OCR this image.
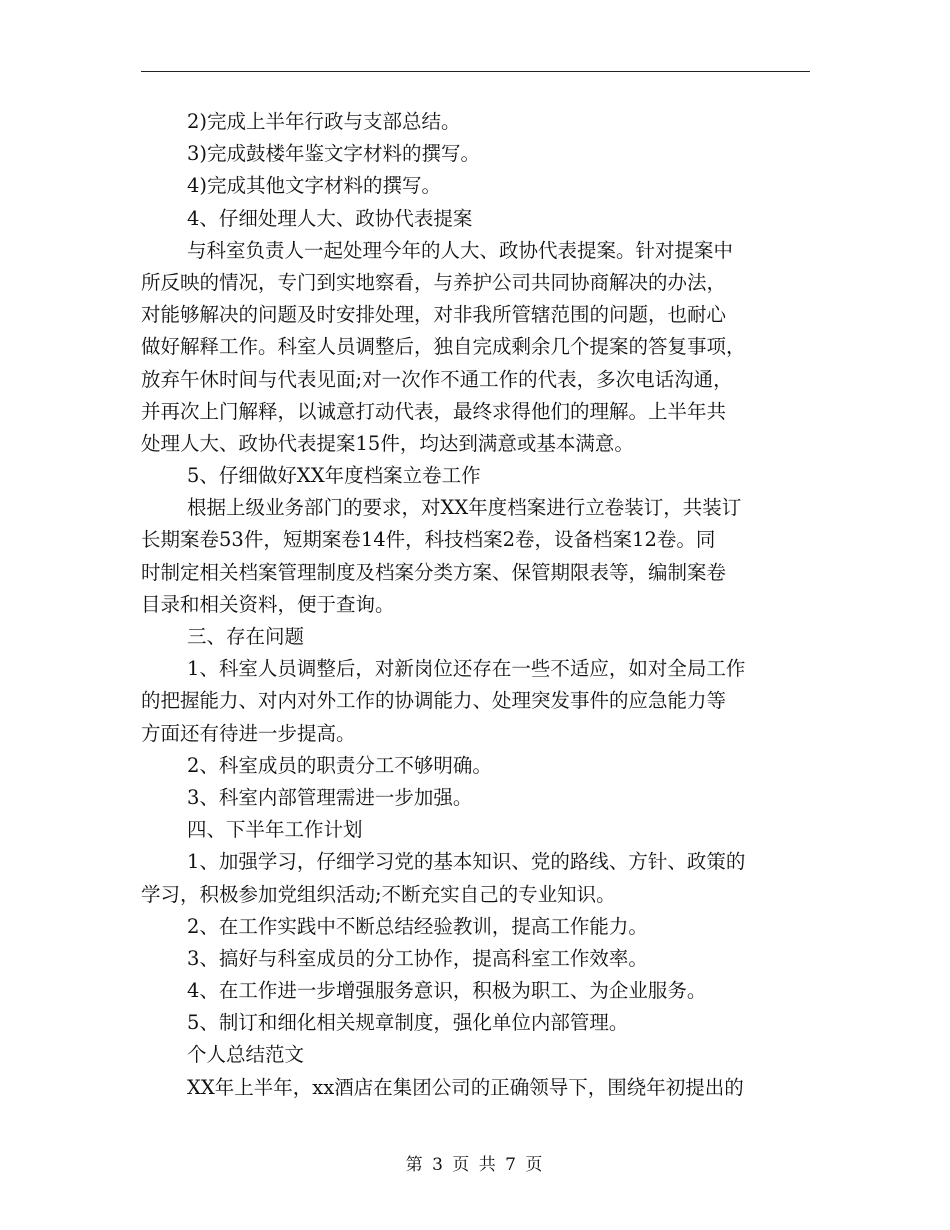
2)完成上半年行政与支部总结。
3)完成鼓楼年鉴文字材料的撰写。
4)完成其他文字材料的撰写。
4、仔细处理人大、政协代表提案
与科室负责人一起处理今年的人大、政协代表提案。针对提案中
所反映的情况，专门到实地察看，与养护公司共同协商解决的办法，
对能够解决的问题及时安排处理，对非我所管辖范围的问题，也耐心
做好解释工作。科室人员调整后，独自完成剩余几个提案的答复事项，
放弃午休时间与代表见面;对一次作不通工作的代表，多次电话沟通，
并再次上门解释，以诚意打动代表，最终求得他们的理解。上半年共
处理人大、政协代表提案15件，均达到满意或基本满意。
5、仔细做好XX年度档案立卷工作
根据上级业务部门的要求，对XX年度档案进行立卷装订，共装订
长期案卷53件，短期案卷14件，科技档案2卷，设备档案12卷。同
时制定相关档案管理制度及档案分类方案、保管期限表等，编制案卷
目录和相关资料，便于查询。
三、存在问题
1、科室人员调整后，对新岗位还存在一些不适应，如对全局工作
的把握能力、对内对外工作的协调能力、处理突发事件的应急能力等
方面还有待进一步提高。
2、科室成员的职责分工不够明确。
3、科室内部管理需进一步加强。
四、下半年工作计划
1、加强学习，仔细学习党的基本知识、党的路线、方针、政策的
学习，积极参加党组织活动;不断充实自己的专业知识。
2、在工作实践中不断总结经验教训，提高工作能力。
3、搞好与科室成员的分工协作，提高科室工作效率。
4、在工作进一步增强服务意识，积极为职工、为企业服务。
5、制订和细化相关规章制度，强化单位内部管理。
个人总结范文
XX年上半年，xx酒店在集团公司的正确领导下，围绕年初提出的
第 3 页 共 7 页
